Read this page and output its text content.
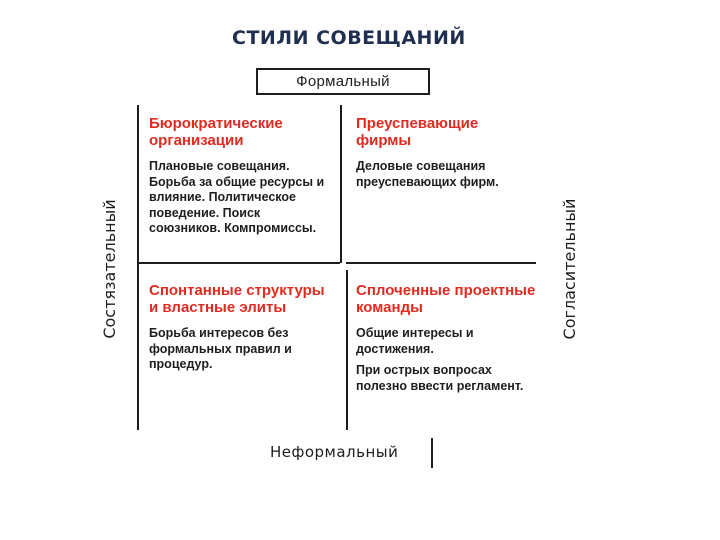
СТИЛИ СОВЕЩАНИЙ
Формальный
Бюрократические организации
Плановые совещания. Борьба за общие ресурсы и влияние. Политическое поведение. Поиск союзников. Компромиссы.
Преуспевающие фирмы
Деловые совещания преуспевающих фирм.
Спонтанные структуры и властные элиты
Борьба интересов без формальных правил и процедур.
Сплоченные проектные команды
Общие интересы и достижения.
При острых вопросах полезно ввести регламент.
Состязательный	Согласительный
Неформальный
